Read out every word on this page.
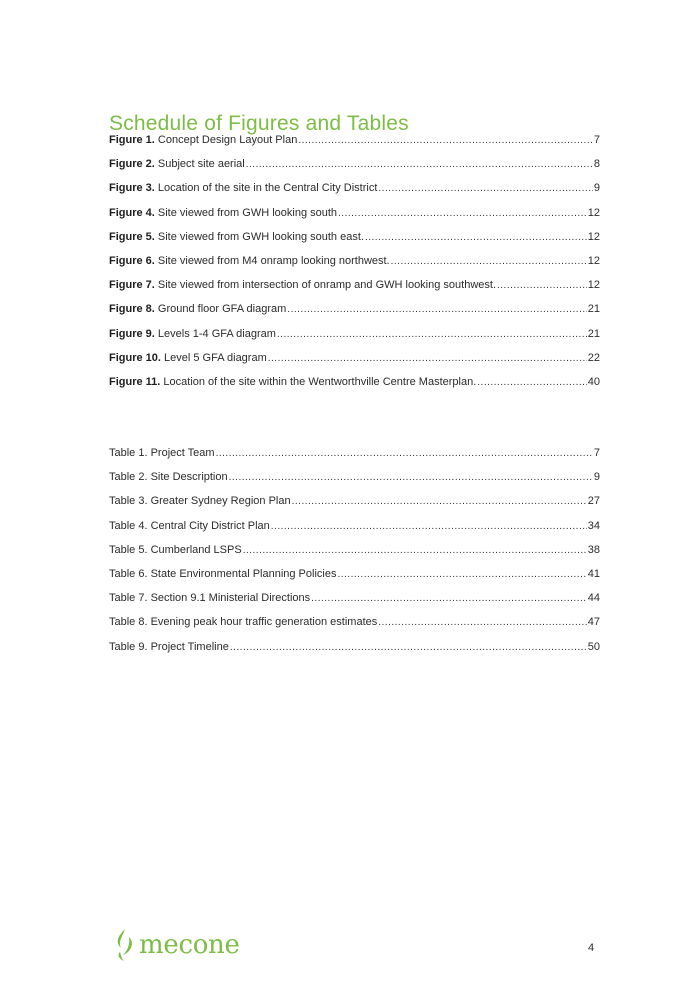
Schedule of Figures and Tables
Figure 1. Concept Design Layout Plan .....	7
Figure 2. Subject site aerial .....	8
Figure 3. Location of the site in the Central City District .....	9
Figure 4. Site viewed from GWH looking south .....	12
Figure 5. Site viewed from GWH looking south east. .....	12
Figure 6. Site viewed from M4 onramp looking northwest. .....	12
Figure 7. Site viewed from intersection of onramp and GWH looking southwest. .....	12
Figure 8. Ground floor GFA diagram .....	21
Figure 9. Levels 1-4 GFA diagram .....	21
Figure 10. Level 5 GFA diagram .....	22
Figure 11. Location of the site within the Wentworthville Centre Masterplan. .....	40
Table 1. Project Team .....	7
Table 2. Site Description .....	9
Table 3. Greater Sydney Region Plan .....	27
Table 4. Central City District Plan .....	34
Table 5. Cumberland LSPS .....	38
Table 6. State Environmental Planning Policies .....	41
Table 7. Section 9.1 Ministerial Directions .....	44
Table 8. Evening peak hour traffic generation estimates .....	47
Table 9. Project Timeline .....	50
mecone	4
